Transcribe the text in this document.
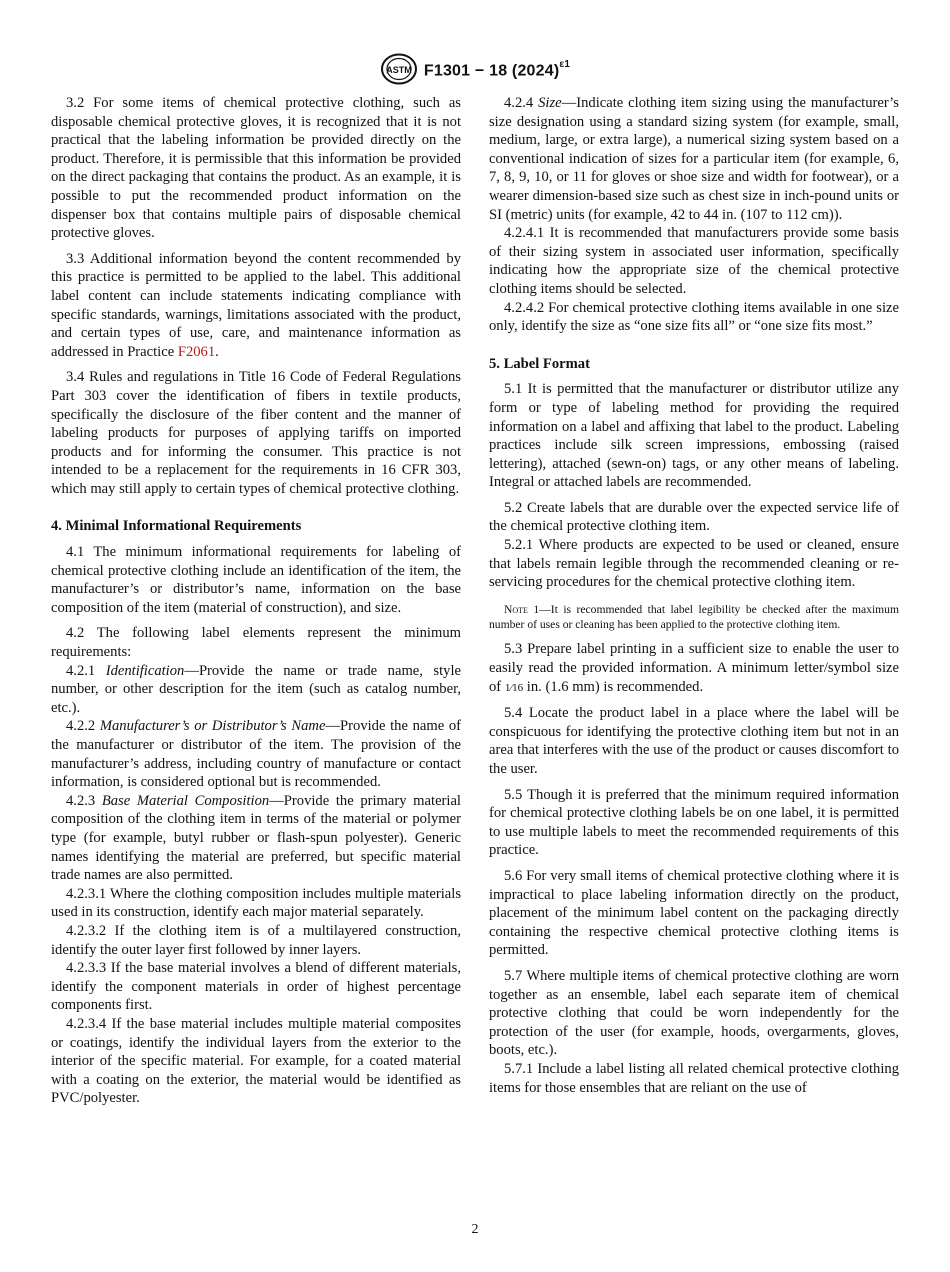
ASTM F1301 − 18 $(2024)^{\varepsilon 1}$

3.2 For some items of chemical protective clothing, such as disposable chemical protective gloves, it is recognized that it is not practical that the labeling information be provided directly on the product. Therefore, it is permissible that this information be provided on the direct packaging that contains the product. As an example, it is possible to put the recommended product information on the dispenser box that contains multiple pairs of disposable chemical protective gloves.

3.3 Additional information beyond the content recommended by this practice is permitted to be applied to the label. This additional label content can include statements indicating compliance with specific standards, warnings, limitations associated with the product, and certain types of use, care, and maintenance information as addressed in Practice F2061.

3.4 Rules and regulations in Title 16 Code of Federal Regulations Part 303 cover the identification of fibers in textile products, specifically the disclosure of the fiber content and the manner of labeling products for purposes of applying tariffs on imported products and for informing the consumer. This practice is not intended to be a replacement for the requirements in 16 CFR 303, which may still apply to certain types of chemical protective clothing.

4. Minimal Informational Requirements

4.1 The minimum informational requirements for labeling of chemical protective clothing include an identification of the item, the manufacturer’s or distributor’s name, information on the base composition of the item (material of construction), and size.

4.2 The following label elements represent the minimum requirements:

4.2.1 Identification—Provide the name or trade name, style number, or other description for the item (such as catalog number, etc.).

4.2.2 Manufacturer’s or Distributor’s Name—Provide the name of the manufacturer or distributor of the item. The provision of the manufacturer’s address, including country of manufacture or contact information, is considered optional but is recommended.

4.2.3 Base Material Composition—Provide the primary material composition of the clothing item in terms of the material or polymer type (for example, butyl rubber or flash-spun polyester). Generic names identifying the material are preferred, but specific material trade names are also permitted.

4.2.3.1 Where the clothing composition includes multiple materials used in its construction, identify each major material separately.

4.2.3.2 If the clothing item is of a multilayered construction, identify the outer layer first followed by inner layers.

4.2.3.3 If the base material involves a blend of different materials, identify the component materials in order of highest percentage components first.

4.2.3.4 If the base material includes multiple material composites or coatings, identify the individual layers from the exterior to the interior of the specific material. For example, for a coated material with a coating on the exterior, the material would be identified as PVC/polyester.

4.2.4 Size—Indicate clothing item sizing using the manufacturer’s size designation using a standard sizing system (for example, small, medium, large, or extra large), a numerical sizing system based on a conventional indication of sizes for a particular item (for example, 6, 7, 8, 9, 10, or 11 for gloves or shoe size and width for footwear), or a wearer dimension-based size such as chest size in inch-pound units or SI (metric) units (for example, 42 to 44 in. (107 to 112 cm)).

4.2.4.1 It is recommended that manufacturers provide some basis of their sizing system in associated user information, specifically indicating how the appropriate size of the chemical protective clothing items should be selected.

4.2.4.2 For chemical protective clothing items available in one size only, identify the size as “one size fits all” or “one size fits most.”

5. Label Format

5.1 It is permitted that the manufacturer or distributor utilize any form or type of labeling method for providing the required information on a label and affixing that label to the product. Labeling practices include silk screen impressions, embossing (raised lettering), attached (sewn-on) tags, or any other means of labeling. Integral or attached labels are recommended.

5.2 Create labels that are durable over the expected service life of the chemical protective clothing item.

5.2.1 Where products are expected to be used or cleaned, ensure that labels remain legible through the recommended cleaning or re-servicing procedures for the chemical protective clothing item.

Note 1—It is recommended that label legibility be checked after the maximum number of uses or cleaning has been applied to the protective clothing item.

5.3 Prepare label printing in a sufficient size to enable the user to easily read the provided information. A minimum letter/symbol size of 1⁄16 in. (1.6 mm) is recommended.

5.4 Locate the product label in a place where the label will be conspicuous for identifying the protective clothing item but not in an area that interferes with the use of the product or causes discomfort to the user.

5.5 Though it is preferred that the minimum required information for chemical protective clothing labels be on one label, it is permitted to use multiple labels to meet the recommended requirements of this practice.

5.6 For very small items of chemical protective clothing where it is impractical to place labeling information directly on the product, placement of the minimum label content on the packaging directly containing the respective chemical protective clothing items is permitted.

5.7 Where multiple items of chemical protective clothing are worn together as an ensemble, label each separate item of chemical protective clothing that could be worn independently for the protection of the user (for example, hoods, overgarments, gloves, boots, etc.).

5.7.1 Include a label listing all related chemical protective clothing items for those ensembles that are reliant on the use of

2
